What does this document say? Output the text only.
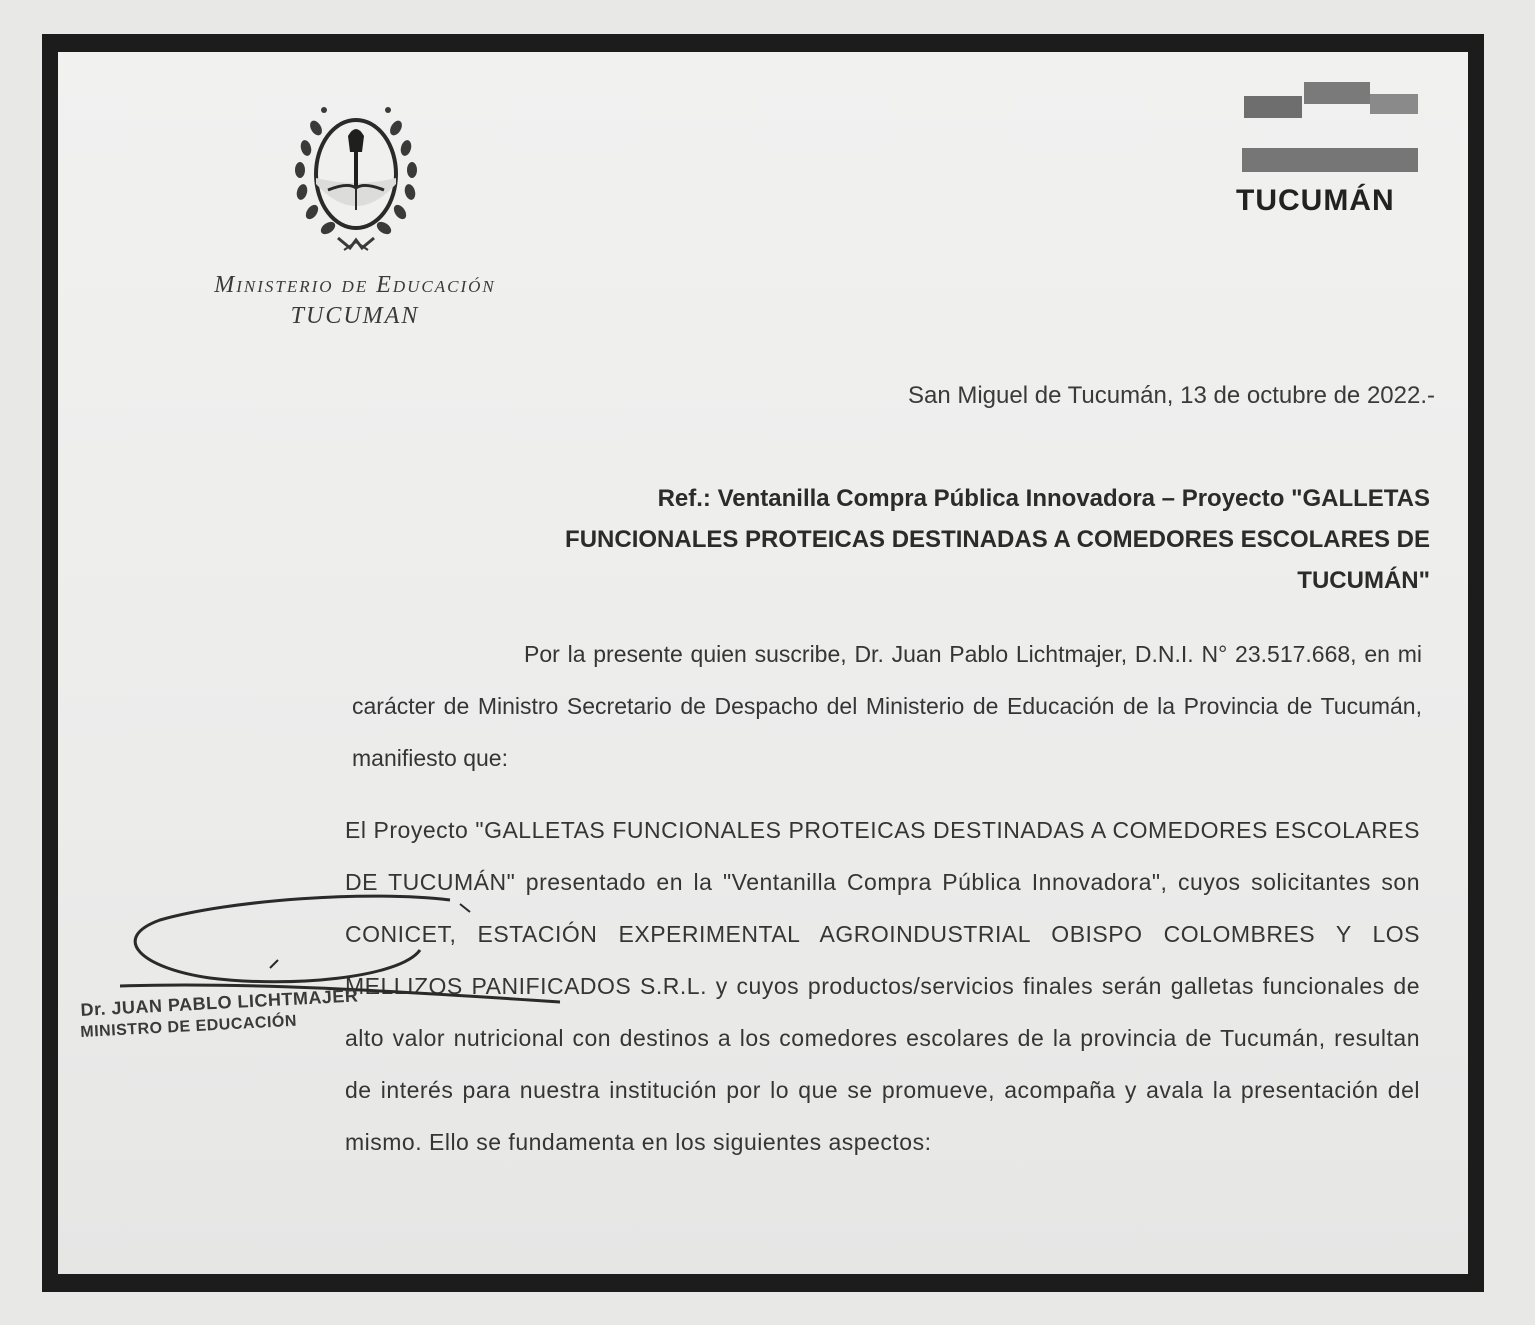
Ministerio de Educación
TUCUMAN
TUCUMÁN
San Miguel de Tucumán, 13 de octubre de 2022.-
Ref.: Ventanilla Compra Pública Innovadora – Proyecto "GALLETAS FUNCIONALES PROTEICAS DESTINADAS A COMEDORES ESCOLARES DE TUCUMÁN"
Por la presente quien suscribe, Dr. Juan Pablo Lichtmajer, D.N.I. N° 23.517.668, en mi carácter de Ministro Secretario de Despacho del Ministerio de Educación de la Provincia de Tucumán, manifiesto que:
El Proyecto "GALLETAS FUNCIONALES PROTEICAS DESTINADAS A COMEDORES ESCOLARES DE TUCUMÁN" presentado en la "Ventanilla Compra Pública Innovadora", cuyos solicitantes son CONICET, ESTACIÓN EXPERIMENTAL AGROINDUSTRIAL OBISPO COLOMBRES Y LOS MELLIZOS PANIFICADOS S.R.L. y cuyos productos/servicios finales serán galletas funcionales de alto valor nutricional con destinos a los comedores escolares de la provincia de Tucumán, resultan de interés para nuestra institución por lo que se promueve, acompaña y avala la presentación del mismo. Ello se fundamenta en los siguientes aspectos:
Dr. JUAN PABLO LICHTMAJER
MINISTRO DE EDUCACIÓN
